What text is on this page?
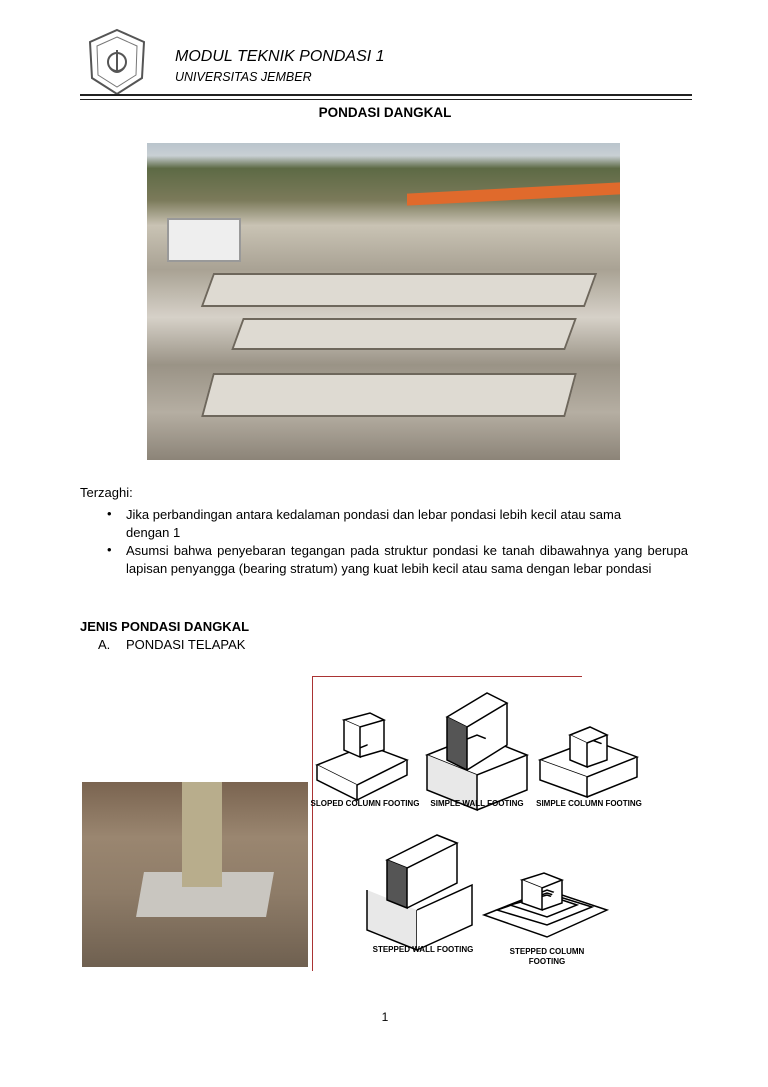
MODUL TEKNIK PONDASI 1
UNIVERSITAS JEMBER
PONDASI DANGKAL
Terzaghi:
• Jika perbandingan antara kedalaman pondasi dan lebar pondasi lebih kecil atau sama
dengan 1
• Asumsi bahwa penyebaran tegangan pada struktur pondasi ke tanah dibawahnya yang berupa lapisan penyangga (bearing stratum) yang kuat lebih kecil atau sama dengan lebar pondasi
JENIS PONDASI DANGKAL
A. PONDASI TELAPAK
SLOPED COLUMN FOOTING	SIMPLE WALL FOOTING	SIMPLE COLUMN FOOTING
STEPPED WALL FOOTING	STEPPED COLUMN FOOTING
1
